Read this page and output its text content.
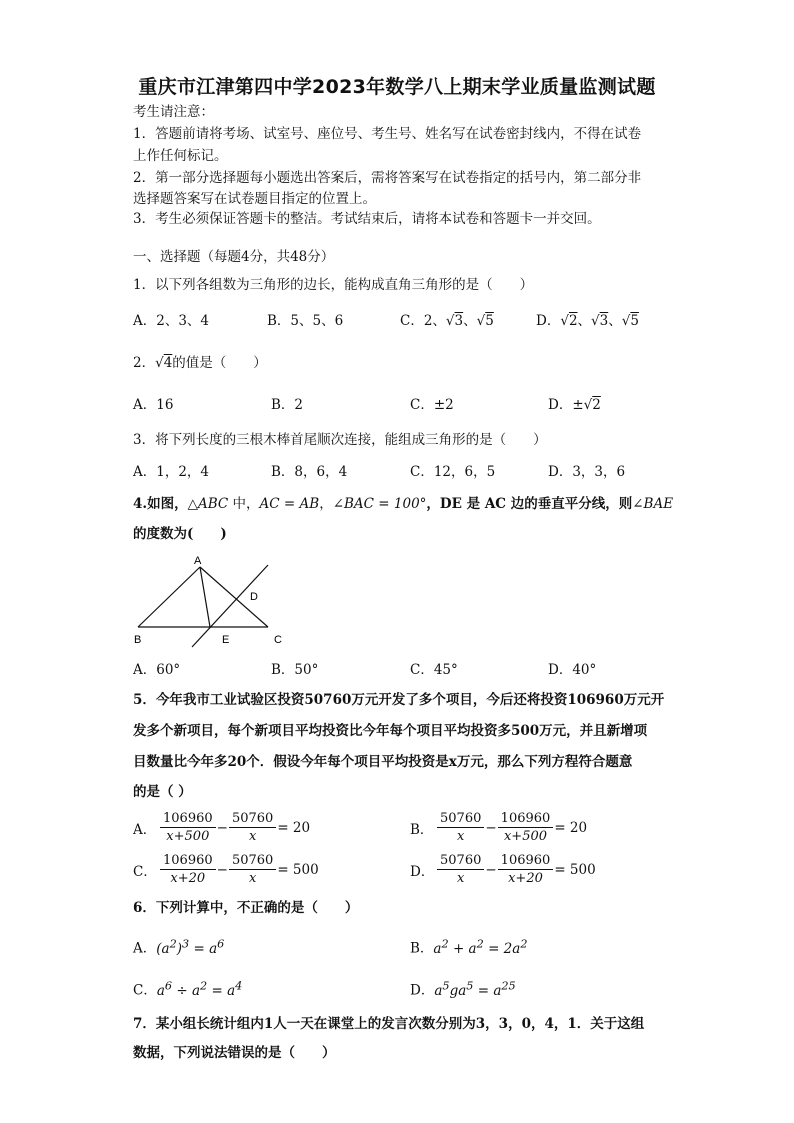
重庆市江津第四中学2023年数学八上期末学业质量监测试题
考生请注意：
1．答题前请将考场、试室号、座位号、考生号、姓名写在试卷密封线内，不得在试卷
上作任何标记。
2．第一部分选择题每小题选出答案后，需将答案写在试卷指定的括号内，第二部分非
选择题答案写在试卷题目指定的位置上。
3．考生必须保证答题卡的整洁。考试结束后，请将本试卷和答题卡一并交回。
一、选择题（每题4分，共48分）
1．以下列各组数为三角形的边长，能构成直角三角形的是（　　）
A．2、3、4	B．5、5、6	C．2、√3、√5	D．√2、√3、√5
2．√4的值是（　　）
A．16	B．2	C．±2	D．±√2
3．将下列长度的三根木棒首尾顺次连接，能组成三角形的是（　　）
A．1，2，4	B．8，6，4	C．12，6，5	D．3，3，6
4.如图，△ABC 中，AC = AB，∠BAC = 100°，DE 是 AC 边的垂直平分线，则∠BAE
的度数为(　　)
A
B	C
D
E
A．60°	B．50°	C．45°	D．40°
5．今年我市工业试验区投资50760万元开发了多个项目，今后还将投资106960万元开
发多个新项目，每个新项目平均投资比今年每个项目平均投资多500万元，并且新增项
目数量比今年多20个．假设今年每个项目平均投资是x万元，那么下列方程符合题意
的是（ ）
A． $\frac{106960}{x+500} - \frac{50760}{x} = 20$	B． $\frac{50760}{x} - \frac{106960}{x+500} = 20$
C． $\frac{106960}{x+20} - \frac{50760}{x} = 500$	D． $\frac{50760}{x} - \frac{106960}{x+20} = 500$
6．下列计算中，不正确的是（　　）
A．$(a^2)^3 = a^6$	B．$a^2 + a^2 = 2a^2$
C．$a^6 \div a^2 = a^4$	D．$a^5ga^5 = a^{25}$
7．某小组长统计组内1人一天在课堂上的发言次数分别为3，3，0，4，1．关于这组
数据，下列说法错误的是（　　）
